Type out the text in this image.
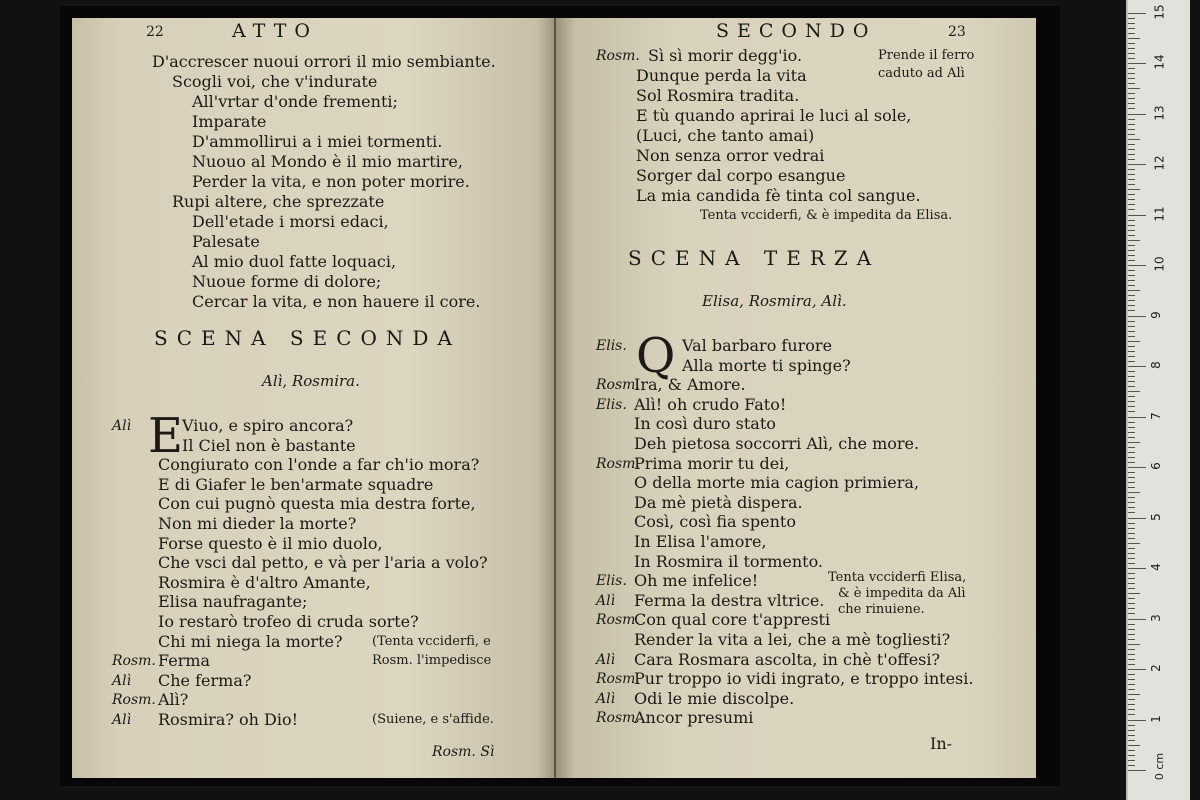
22	ATTO
SCENA SECONDA
Alì, Rosmira.
E
Rosm. Sì
D'accrescer nuoui orrori il mio sembiante.
Scogli voi, che v'indurate
All'vrtar d'onde frementi;
Imparate
D'ammollirui a i miei tormenti.
Nuouo al Mondo è il mio martire,
Perder la vita, e non poter morire.
Rupi altere, che sprezzate
Dell'etade i morsi edaci,
Palesate
Al mio duol fatte loquaci,
Nuoue forme di dolore;
Cercar la vita, e non hauere il core.
Alì	Viuo, e spiro ancora?
Il Ciel non è bastante
Congiurato con l'onde a far ch'io mora?
E di Giafer le ben'armate squadre
Con cui pugnò questa mia destra forte,
Non mi dieder la morte?
Forse questo è il mio duolo,
Che vsci dal petto, e và per l'aria a volo?
Rosmira è d'altro Amante,
Elisa naufragante;
Io restarò trofeo di cruda sorte?
Chi mi niega la morte? (Tenta vcciderfi, e
Rosm. Ferma	Rosm. l'impedisce
Alì Che ferma?
Rosm. Alì?
Alì Rosmira? oh Dio!	(Suiene, e s'affide.
SECONDO	23
Prende il ferro
caduto ad Alì
Tenta vcciderfi, & è impedita da Elisa.
SCENA TERZA
Elisa, Rosmira, Alì.
Q
Tenta vcciderfi Elisa,
& è impedita da Alì
che rinuiene.
In-
Rosm. Sì sì morir degg'io.
Dunque perda la vita
Sol Rosmira tradita.
E tù quando aprirai le luci al sole,
(Luci, che tanto amai)
Non senza orror vedrai
Sorger dal corpo esangue
La mia candida fè tinta col sangue.
Elis.	Val barbaro furore
Alla morte ti spinge?
Rosm.
Ira, & Amore.
Elis. Alì! oh crudo Fato!
In così duro stato
Deh pietosa soccorri Alì, che more.
Rosm.
Prima morir tu dei,
O della morte mia cagion primiera,
Da mè pietà dispera.
Così, così fia spento
In Elisa l'amore,
In Rosmira il tormento.
Elis. Oh me infelice!
Alì Ferma la destra vltrice.
Rosm.
Con qual core t'appresti
Render la vita a lei, che a mè togliesti?
Alì Cara Rosmara ascolta, in chè t'offesi?
Rosm.
Pur troppo io vidi ingrato, e troppo intesi.
Alì Odi le mie discolpe.
Rosm.
Ancor presumi
0 cm
15
14
13
12
11
10
9
8
7
6
5
4
3
2
1
